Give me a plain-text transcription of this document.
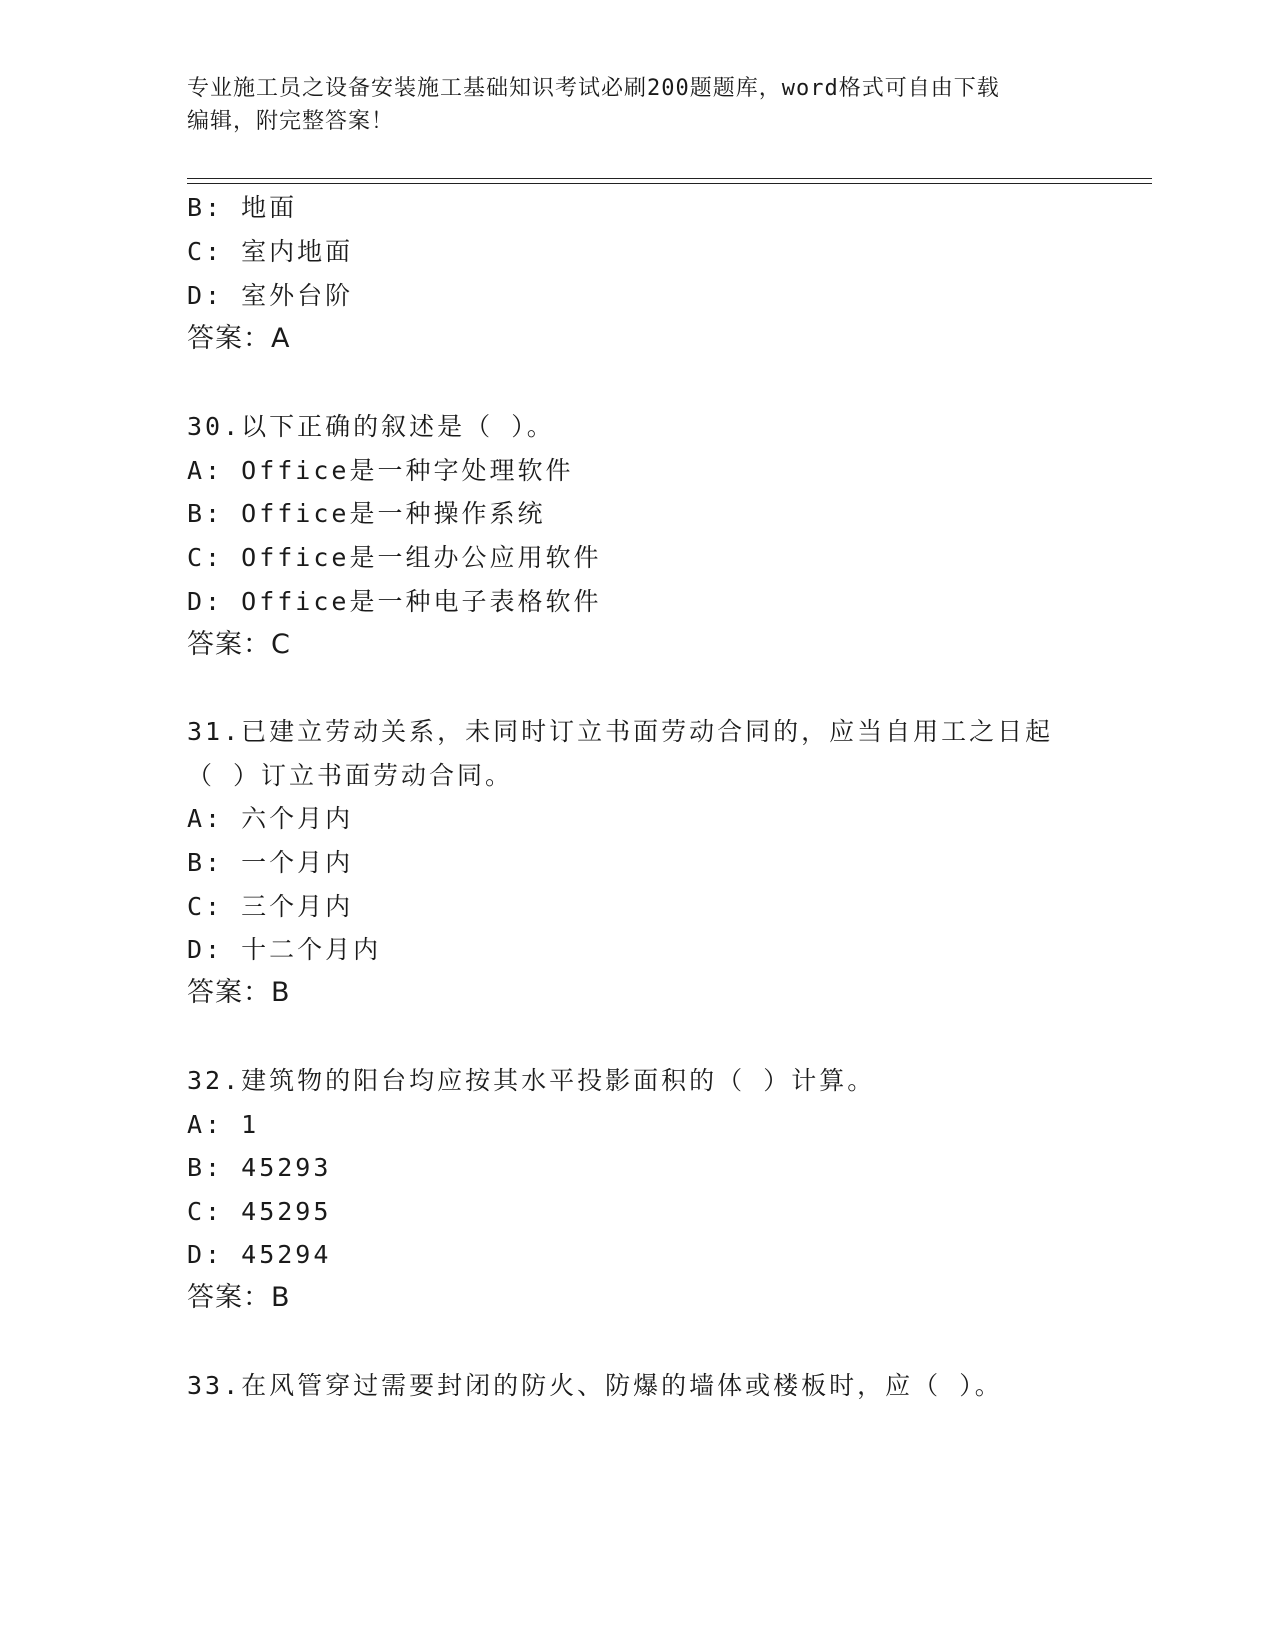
专业施工员之设备安装施工基础知识考试必刷200题题库，word格式可自由下载
编辑，附完整答案！
B: 地面
C: 室内地面
D: 室外台阶
答案：A
30.以下正确的叙述是（ ）。
A: Office是一种字处理软件
B: Office是一种操作系统
C: Office是一组办公应用软件
D: Office是一种电子表格软件
答案：C
31.已建立劳动关系，未同时订立书面劳动合同的，应当自用工之日起
（ ）订立书面劳动合同。
A: 六个月内
B: 一个月内
C: 三个月内
D: 十二个月内
答案：B
32.建筑物的阳台均应按其水平投影面积的（ ）计算。
A: 1
B: 45293
C: 45295
D: 45294
答案：B
33.在风管穿过需要封闭的防火、防爆的墙体或楼板时，应（ ）。
